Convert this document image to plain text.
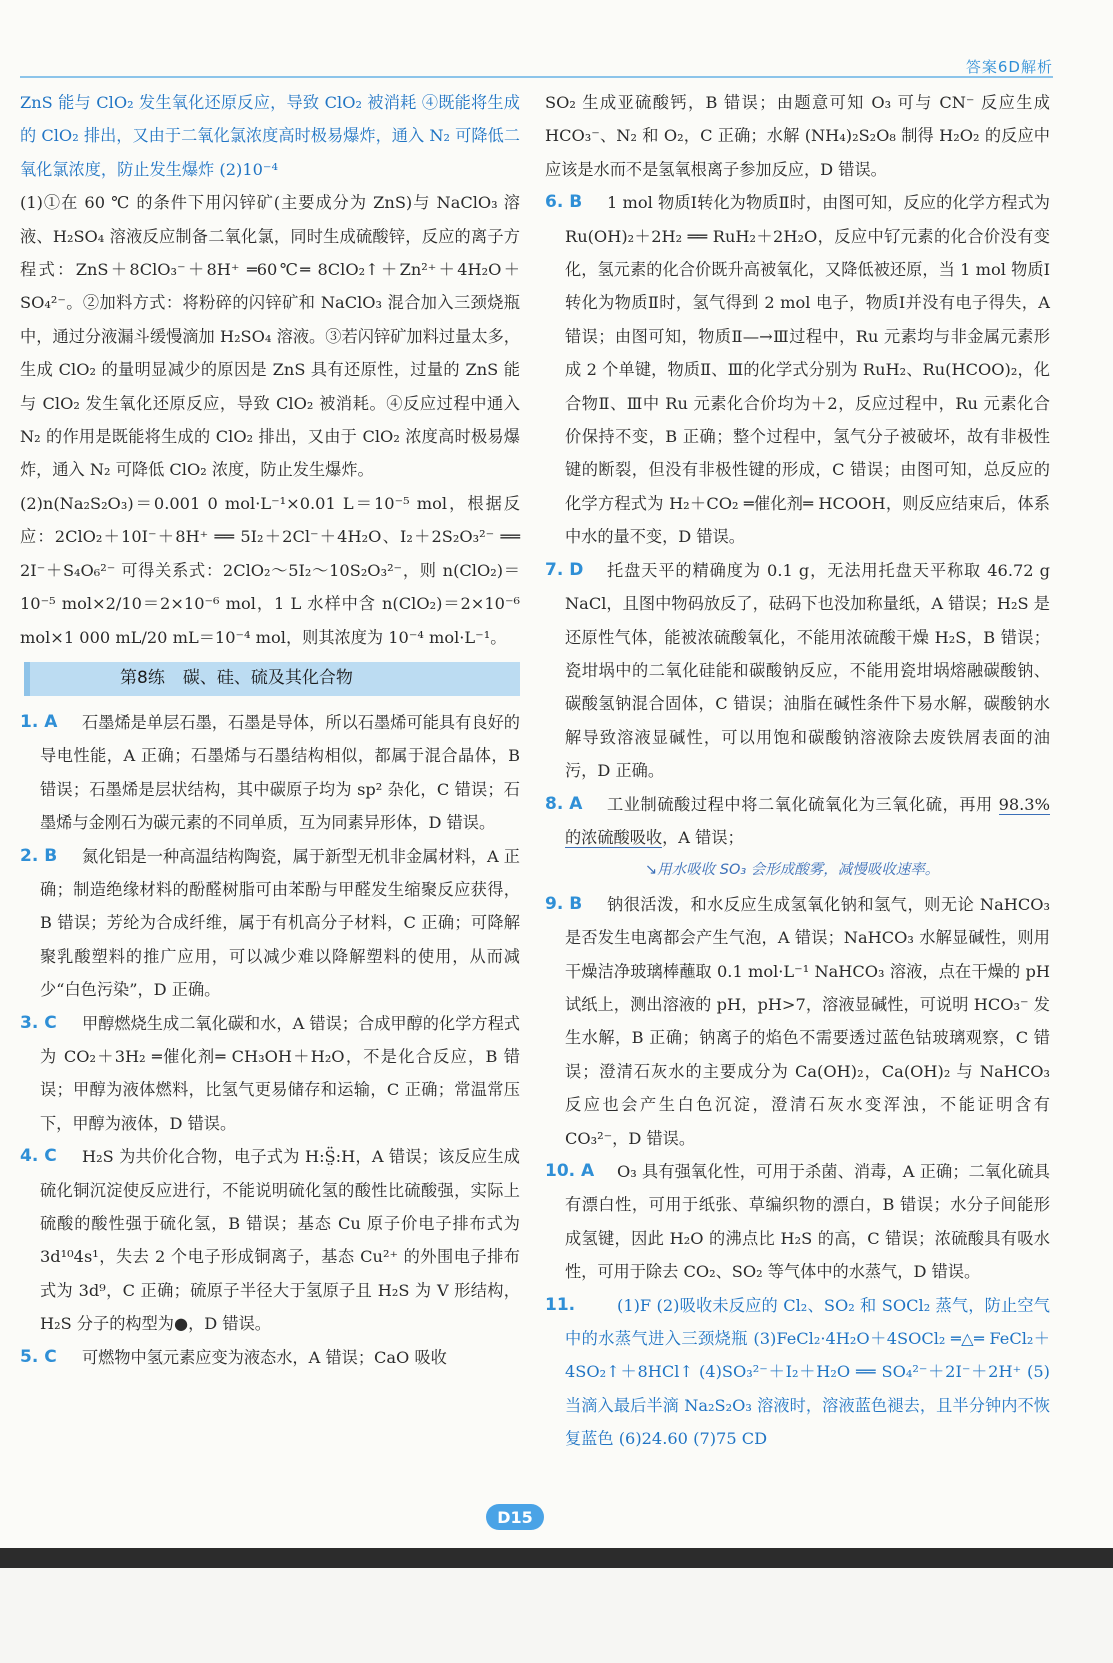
答案6D解析

ZnS 能与 ClO₂ 发生氧化还原反应，导致 ClO₂ 被消耗 ④既能将生成的 ClO₂ 排出，又由于二氧化氯浓度高时极易爆炸，通入 N₂ 可降低二氧化氯浓度，防止发生爆炸 (2)10⁻⁴

(1)①在 60 ℃ 的条件下用闪锌矿(主要成分为 ZnS)与 NaClO₃ 溶液、H₂SO₄ 溶液反应制备二氧化氯，同时生成硫酸锌，反应的离子方程式：ZnS＋8ClO₃⁻＋8H⁺ ═60℃═ 8ClO₂↑＋Zn²⁺＋4H₂O＋SO₄²⁻。②加料方式：将粉碎的闪锌矿和 NaClO₃ 混合加入三颈烧瓶中，通过分液漏斗缓慢滴加 H₂SO₄ 溶液。③若闪锌矿加料过量太多，生成 ClO₂ 的量明显减少的原因是 ZnS 具有还原性，过量的 ZnS 能与 ClO₂ 发生氧化还原反应，导致 ClO₂ 被消耗。④反应过程中通入 N₂ 的作用是既能将生成的 ClO₂ 排出，又由于 ClO₂ 浓度高时极易爆炸，通入 N₂ 可降低 ClO₂ 浓度，防止发生爆炸。

(2)n(Na₂S₂O₃)＝0.001 0 mol·L⁻¹×0.01 L＝10⁻⁵ mol，根据反应：2ClO₂＋10I⁻＋8H⁺ ══ 5I₂＋2Cl⁻＋4H₂O、I₂＋2S₂O₃²⁻ ══ 2I⁻＋S₄O₆²⁻ 可得关系式：2ClO₂～5I₂～10S₂O₃²⁻，则 n(ClO₂)＝10⁻⁵ mol×2/10＝2×10⁻⁶ mol，1 L 水样中含 n(ClO₂)＝2×10⁻⁶ mol×1 000 mL/20 mL＝10⁻⁴ mol，则其浓度为 10⁻⁴ mol·L⁻¹。

第8练 碳、硅、硫及其化合物
1. A	石墨烯是单层石墨，石墨是导体，所以石墨烯可能具有良好的导电性能，A 正确；石墨烯与石墨结构相似，都属于混合晶体，B 错误；石墨烯是层状结构，其中碳原子均为 sp² 杂化，C 错误；石墨烯与金刚石为碳元素的不同单质，互为同素异形体，D 错误。
2. B	氮化铝是一种高温结构陶瓷，属于新型无机非金属材料，A 正确；制造绝缘材料的酚醛树脂可由苯酚与甲醛发生缩聚反应获得，B 错误；芳纶为合成纤维，属于有机高分子材料，C 正确；可降解聚乳酸塑料的推广应用，可以减少难以降解塑料的使用，从而减少“白色污染”，D 正确。
3. C	甲醇燃烧生成二氧化碳和水，A 错误；合成甲醇的化学方程式为 CO₂＋3H₂ ═催化剂═ CH₃OH＋H₂O，不是化合反应，B 错误；甲醇为液体燃料，比氢气更易储存和运输，C 正确；常温常压下，甲醇为液体，D 错误。
4. C	H₂S 为共价化合物，电子式为 H:S̤̈:H，A 错误；该反应生成硫化铜沉淀使反应进行，不能说明硫化氢的酸性比硫酸强，实际上硫酸的酸性强于硫化氢，B 错误；基态 Cu 原子价电子排布式为 3d¹⁰4s¹，失去 2 个电子形成铜离子，基态 Cu²⁺ 的外围电子排布式为 3d⁹，C 正确；硫原子半径大于氢原子且 H₂S 为 V 形结构，H₂S 分子的构型为●，D 错误。
5. C	可燃物中氢元素应变为液态水，A 错误；CaO 吸收

SO₂ 生成亚硫酸钙，B 错误；由题意可知 O₃ 可与 CN⁻ 反应生成 HCO₃⁻、N₂ 和 O₂，C 正确；水解 (NH₄)₂S₂O₈ 制得 H₂O₂ 的反应中应该是水而不是氢氧根离子参加反应，D 错误。

6. B	1 mol 物质Ⅰ转化为物质Ⅱ时，由图可知，反应的化学方程式为 Ru(OH)₂＋2H₂ ══ RuH₂＋2H₂O，反应中钌元素的化合价没有变化，氢元素的化合价既升高被氧化，又降低被还原，当 1 mol 物质Ⅰ转化为物质Ⅱ时，氢气得到 2 mol 电子，物质Ⅰ并没有电子得失，A 错误；由图可知，物质Ⅱ—→Ⅲ过程中，Ru 元素均与非金属元素形成 2 个单键，物质Ⅱ、Ⅲ的化学式分别为 RuH₂、Ru(HCOO)₂，化合物Ⅱ、Ⅲ中 Ru 元素化合价均为＋2，反应过程中，Ru 元素化合价保持不变，B 正确；整个过程中，氢气分子被破坏，故有非极性键的断裂，但没有非极性键的形成，C 错误；由图可知，总反应的化学方程式为 H₂＋CO₂ ═催化剂═ HCOOH，则反应结束后，体系中水的量不变，D 错误。
7. D	托盘天平的精确度为 0.1 g，无法用托盘天平称取 46.72 g NaCl，且图中物码放反了，砝码下也没加称量纸，A 错误；H₂S 是还原性气体，能被浓硫酸氧化，不能用浓硫酸干燥 H₂S，B 错误；瓷坩埚中的二氧化硅能和碳酸钠反应，不能用瓷坩埚熔融碳酸钠、碳酸氢钠混合固体，C 错误；油脂在碱性条件下易水解，碳酸钠水解导致溶液显碱性，可以用饱和碳酸钠溶液除去废铁屑表面的油污，D 正确。
8. A	工业制硫酸过程中将二氧化硫氧化为三氧化硫，再用 98.3%的浓硫酸吸收，A 错误；
↘用水吸收 SO₃ 会形成酸雾，减慢吸收速率。
9. B	钠很活泼，和水反应生成氢氧化钠和氢气，则无论 NaHCO₃ 是否发生电离都会产生气泡，A 错误；NaHCO₃ 水解显碱性，则用干燥洁净玻璃棒蘸取 0.1 mol·L⁻¹ NaHCO₃ 溶液，点在干燥的 pH 试纸上，测出溶液的 pH，pH>7，溶液显碱性，可说明 HCO₃⁻ 发生水解，B 正确；钠离子的焰色不需要透过蓝色钴玻璃观察，C 错误；澄清石灰水的主要成分为 Ca(OH)₂，Ca(OH)₂ 与 NaHCO₃ 反应也会产生白色沉淀，澄清石灰水变浑浊，不能证明含有 CO₃²⁻，D 错误。
10. A	O₃ 具有强氧化性，可用于杀菌、消毒，A 正确；二氧化硫具有漂白性，可用于纸张、草编织物的漂白，B 错误；水分子间能形成氢键，因此 H₂O 的沸点比 H₂S 的高，C 错误；浓硫酸具有吸水性，可用于除去 CO₂、SO₂ 等气体中的水蒸气，D 错误。
11.	(1)F (2)吸收未反应的 Cl₂、SO₂ 和 SOCl₂ 蒸气，防止空气中的水蒸气进入三颈烧瓶 (3)FeCl₂·4H₂O＋4SOCl₂ ═△═ FeCl₂＋4SO₂↑＋8HCl↑ (4)SO₃²⁻＋I₂＋H₂O ══ SO₄²⁻＋2I⁻＋2H⁺ (5)当滴入最后半滴 Na₂S₂O₃ 溶液时，溶液蓝色褪去，且半分钟内不恢复蓝色 (6)24.60 (7)75 CD
D15
